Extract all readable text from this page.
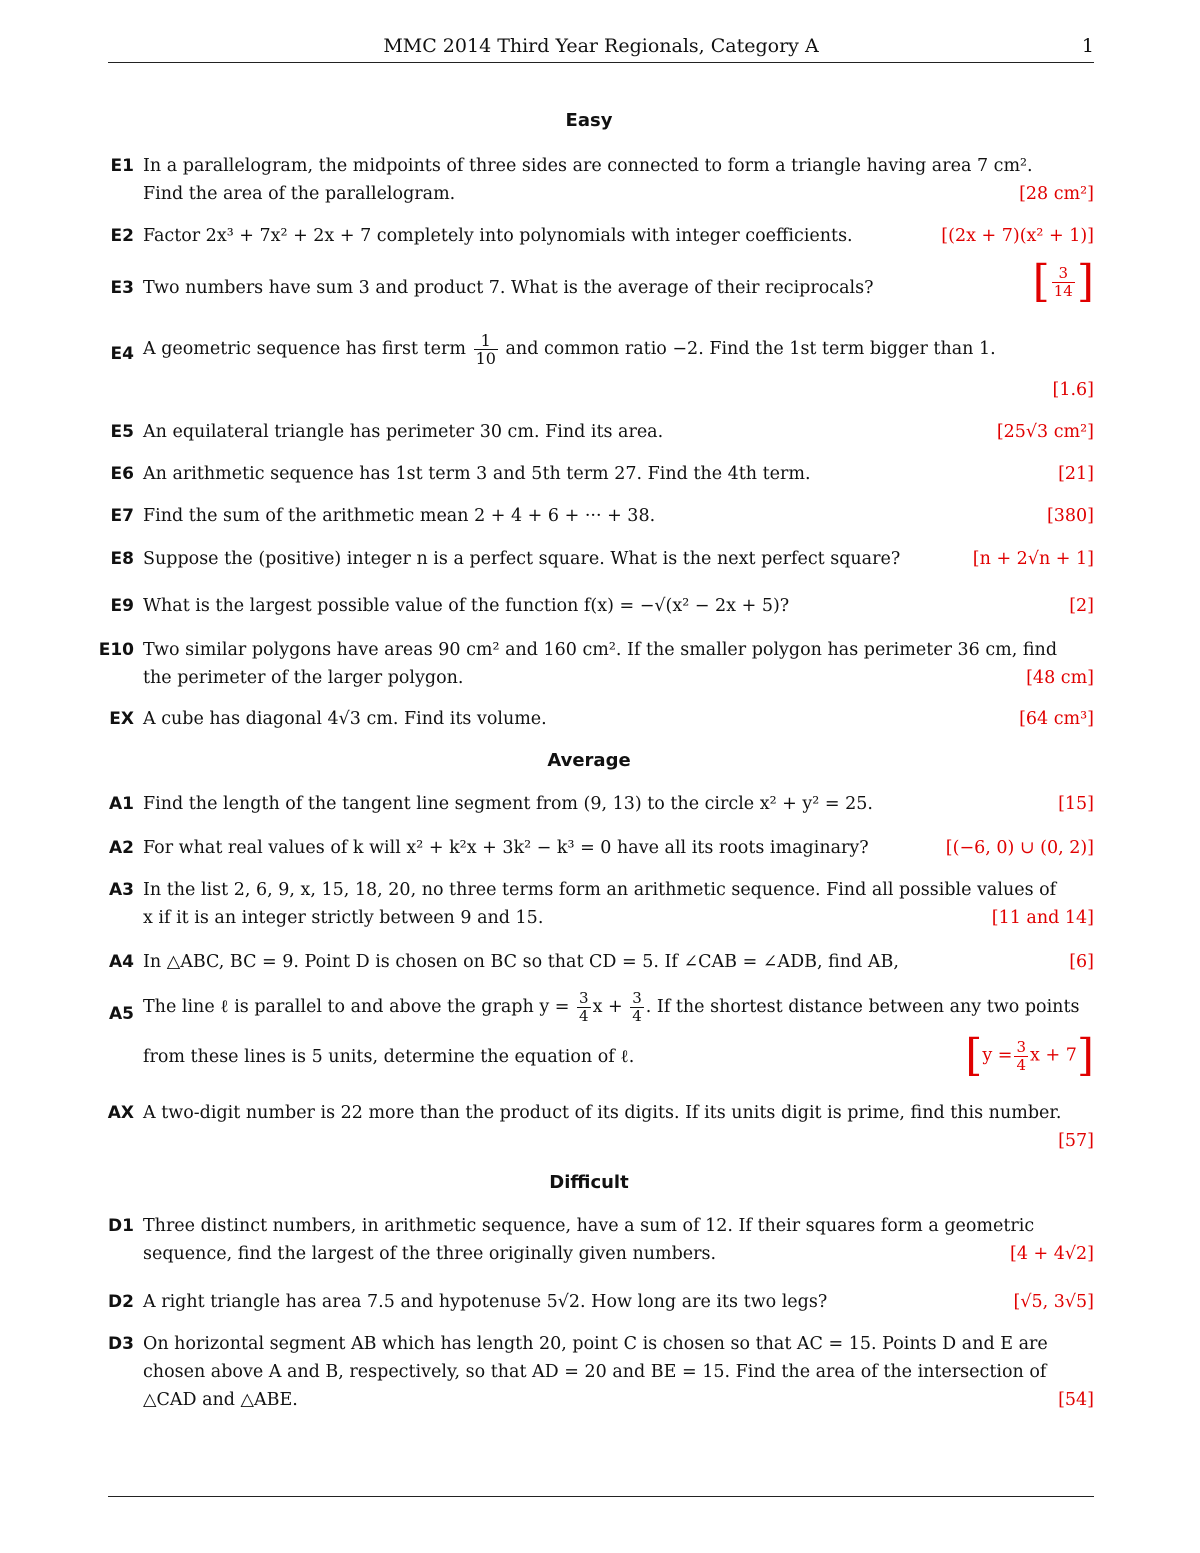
MMC 2014 Third Year Regionals, Category A	1
Easy
E1 In a parallelogram, the midpoints of three sides are connected to form a triangle having area 7 cm².
Find the area of the parallelogram.	[28 cm²]
E2 Factor 2x³ + 7x² + 2x + 7 completely into polynomials with integer coefficients.	[(2x + 7)(x² + 1)]
E3 Two numbers have sum 3 and product 7. What is the average of their reciprocals?	[ $\frac{3}{14}$ ]
E4 A geometric sequence has first term $\frac{1}{10}$ and common ratio −2. Find the 1st term bigger than 1.
[1.6]
E5 An equilateral triangle has perimeter 30 cm. Find its area.	[25√3 cm²]
E6 An arithmetic sequence has 1st term 3 and 5th term 27. Find the 4th term.	[21]
E7 Find the sum of the arithmetic mean 2 + 4 + 6 + ··· + 38.	[380]
E8 Suppose the (positive) integer n is a perfect square. What is the next perfect square?	[n + 2√n + 1]
E9 What is the largest possible value of the function f(x) = −√(x² − 2x + 5)?	[2]
E10 Two similar polygons have areas 90 cm² and 160 cm². If the smaller polygon has perimeter 36 cm, find
the perimeter of the larger polygon.	[48 cm]
EX A cube has diagonal 4√3 cm. Find its volume.	[64 cm³]
Average
A1 Find the length of the tangent line segment from (9, 13) to the circle x² + y² = 25.	[15]
A2 For what real values of k will x² + k²x + 3k² − k³ = 0 have all its roots imaginary?	[(−6, 0) ∪ (0, 2)]
A3 In the list 2, 6, 9, x, 15, 18, 20, no three terms form an arithmetic sequence. Find all possible values of
x if it is an integer strictly between 9 and 15.	[11 and 14]
A4 In △ABC, BC = 9. Point D is chosen on BC so that CD = 5. If ∠CAB = ∠ADB, find AB,	[6]
A5 The line ℓ is parallel to and above the graph $y = \frac{3}{4}$ $x + \frac{3}{4}$ . If the shortest distance between any two points
from these lines is 5 units, determine the equation of ℓ.	[$y = \frac{3}{4}$ x + 7]
AX A two-digit number is 22 more than the product of its digits. If its units digit is prime, find this number.
[57]
Difficult
D1 Three distinct numbers, in arithmetic sequence, have a sum of 12. If their squares form a geometric
sequence, find the largest of the three originally given numbers.	[4 + 4√2]
D2 A right triangle has area 7.5 and hypotenuse 5√2. How long are its two legs?	[√5, 3√5]
D3 On horizontal segment AB which has length 20, point C is chosen so that AC = 15. Points D and E are
chosen above A and B, respectively, so that AD = 20 and BE = 15. Find the area of the intersection of
△CAD and △ABE.	[54]
